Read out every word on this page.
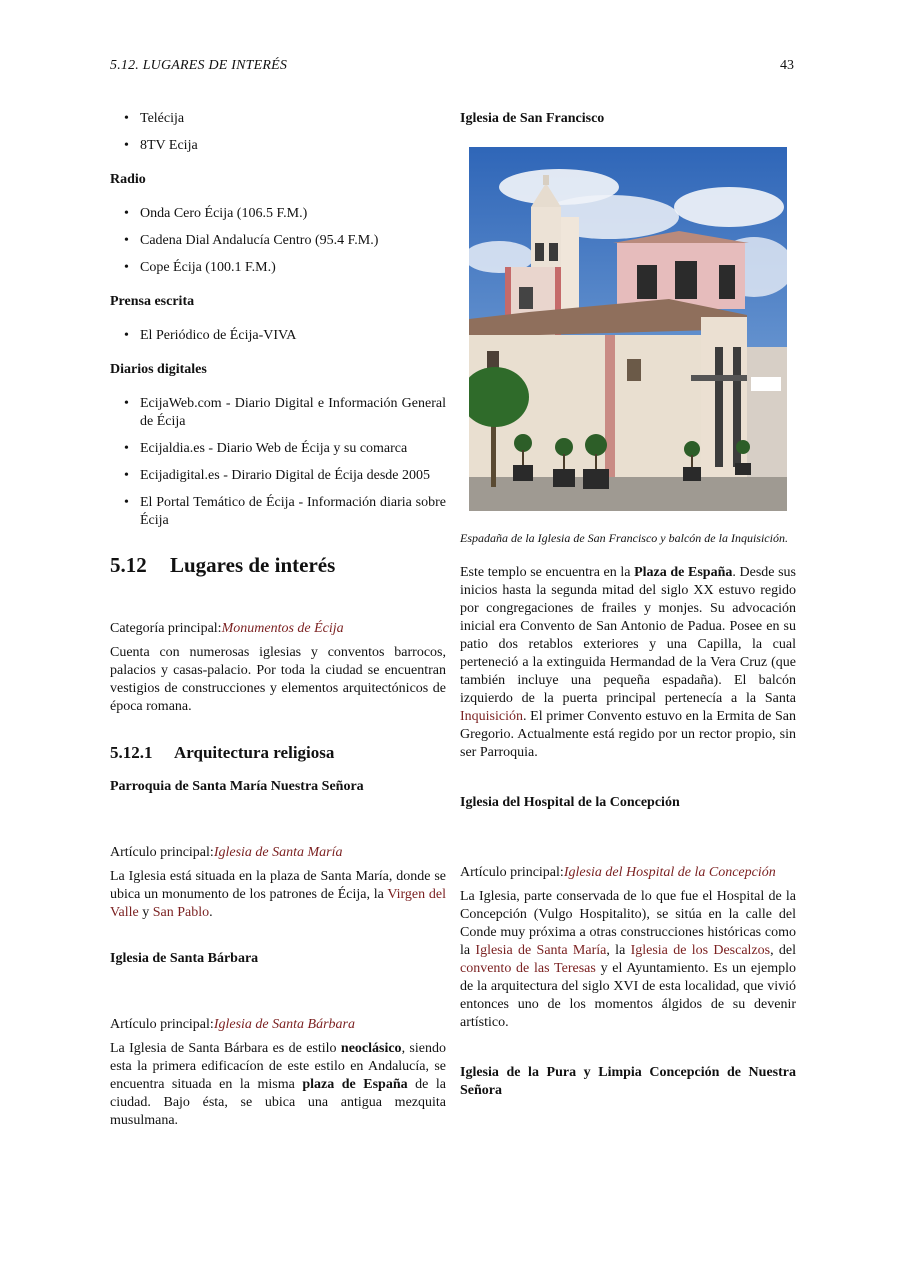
5.12. LUGARES DE INTERÉS	43
• Telécija
• 8TV Ecija
Radio
• Onda Cero Écija (106.5 F.M.)
• Cadena Dial Andalucía Centro (95.4 F.M.)
• Cope Écija (100.1 F.M.)
Prensa escrita
• El Periódico de Écija-VIVA
Diarios digitales
• EcijaWeb.com - Diario Digital e Información General de Écija
• Ecijaldia.es - Diario Web de Écija y su comarca
• Ecijadigital.es - Dirario Digital de Écija desde 2005
• El Portal Temático de Écija - Información diaria sobre Écija
5.12 Lugares de interés

Categoría principal:Monumentos de Écija

Cuenta con numerosas iglesias y conventos barrocos, palacios y casas-palacio. Por toda la ciudad se encuentran vestigios de construcciones y elementos arquitectónicos de época romana.

5.12.1 Arquitectura religiosa
Parroquia de Santa María Nuestra Señora

Artículo principal:Iglesia de Santa María

La Iglesia está situada en la plaza de Santa María, donde se ubica un monumento de los patrones de Écija, la Virgen del Valle y San Pablo.

Iglesia de Santa Bárbara

Artículo principal:Iglesia de Santa Bárbara

La Iglesia de Santa Bárbara es de estilo neoclásico, siendo esta la primera edificacíon de este estilo en Andalucía, se encuentra situada en la misma plaza de España de la ciudad. Bajo ésta, se ubica una antigua mezquita musulmana.

Iglesia de San Francisco
Espadaña de la Iglesia de San Francisco y balcón de la Inquisición.

Este templo se encuentra en la Plaza de España. Desde sus inicios hasta la segunda mitad del siglo XX estuvo regido por congregaciones de frailes y monjes. Su advocación inicial era Convento de San Antonio de Padua. Posee en su patio dos retablos exteriores y una Capilla, la cual perteneció a la extinguida Hermandad de la Vera Cruz (que también incluye una pequeña espadaña). El balcón izquierdo de la puerta principal pertenecía a la Santa Inquisición. El primer Convento estuvo en la Ermita de San Gregorio. Actualmente está regido por un rector propio, sin ser Parroquia.

Iglesia del Hospital de la Concepción

Artículo principal:Iglesia del Hospital de la Concepción

La Iglesia, parte conservada de lo que fue el Hospital de la Concepción (Vulgo Hospitalito), se sitúa en la calle del Conde muy próxima a otras construcciones históricas como la Iglesia de Santa María, la Iglesia de los Descalzos, del convento de las Teresas y el Ayuntamiento. Es un ejemplo de la arquitectura del siglo XVI de esta localidad, que vivió entonces uno de los momentos álgidos de su devenir artístico.

Iglesia de la Pura y Limpia Concepción de Nuestra Señora
